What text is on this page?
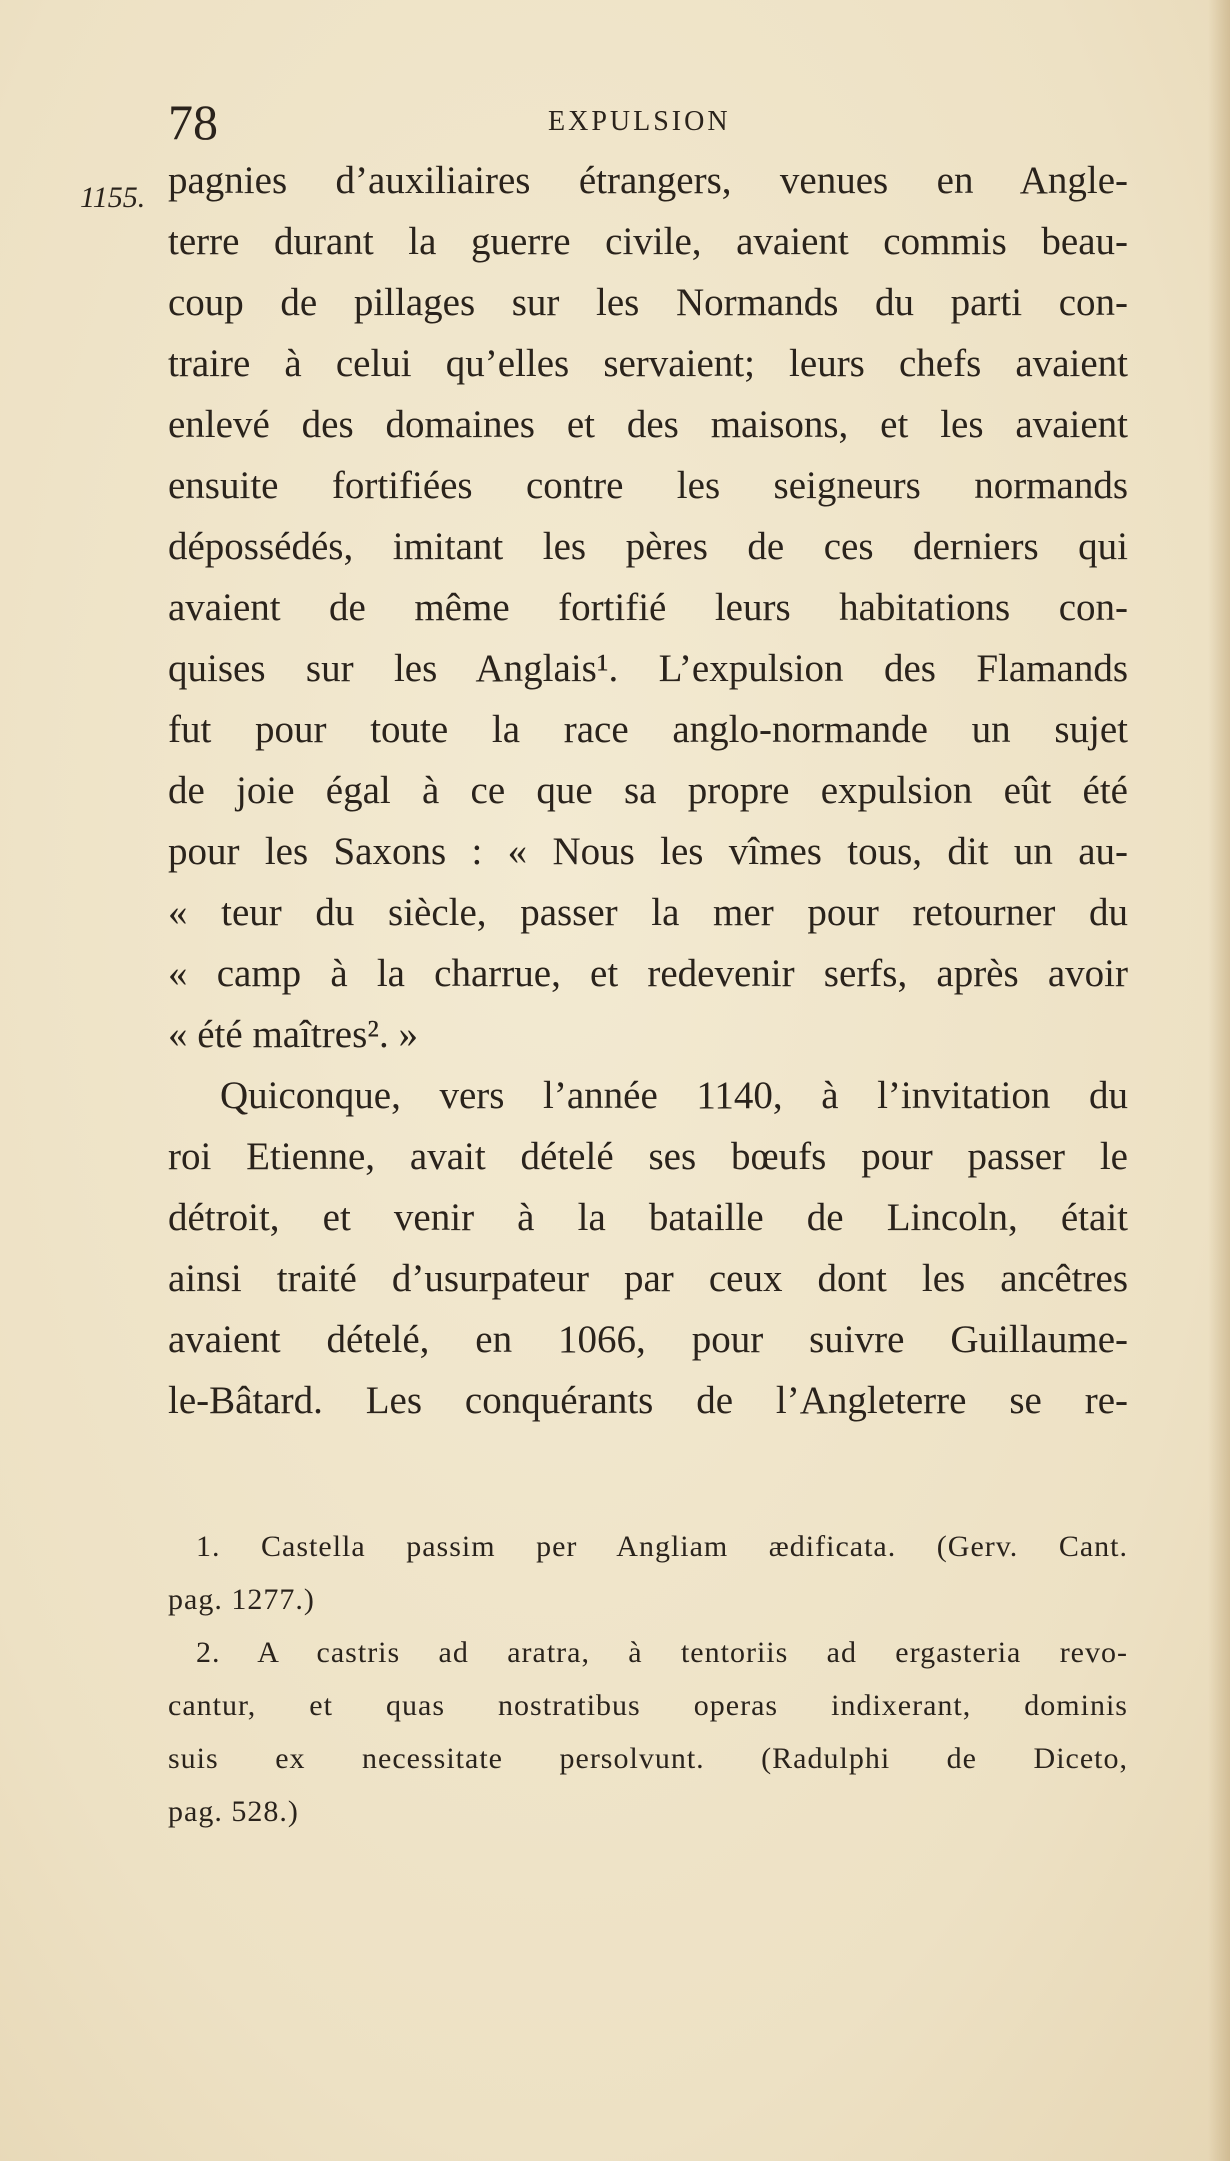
78	EXPULSION
1155. pagnies d’auxiliaires étrangers, venues en Angle-
terre durant la guerre civile, avaient commis beau-
coup de pillages sur les Normands du parti con-
traire à celui qu’elles servaient; leurs chefs avaient
enlevé des domaines et des maisons, et les avaient
ensuite fortifiées contre les seigneurs normands
dépossédés, imitant les pères de ces derniers qui
avaient de même fortifié leurs habitations con-
quises sur les Anglais¹. L’expulsion des Flamands
fut pour toute la race anglo-normande un sujet
de joie égal à ce que sa propre expulsion eût été
pour les Saxons : « Nous les vîmes tous, dit un au-
« teur du siècle, passer la mer pour retourner du
« camp à la charrue, et redevenir serfs, après avoir
« été maîtres². »
Quiconque, vers l’année 1140, à l’invitation du
roi Etienne, avait dételé ses bœufs pour passer le
détroit, et venir à la bataille de Lincoln, était
ainsi traité d’usurpateur par ceux dont les ancêtres
avaient dételé, en 1066, pour suivre Guillaume-
le-Bâtard. Les conquérants de l’Angleterre se re-
1. Castella passim per Angliam ædificata. (Gerv. Cant.
pag. 1277.)
2. A castris ad aratra, à tentoriis ad ergasteria revo-
cantur, et quas nostratibus operas indixerant, dominis
suis ex necessitate persolvunt. (Radulphi de Diceto,
pag. 528.)
